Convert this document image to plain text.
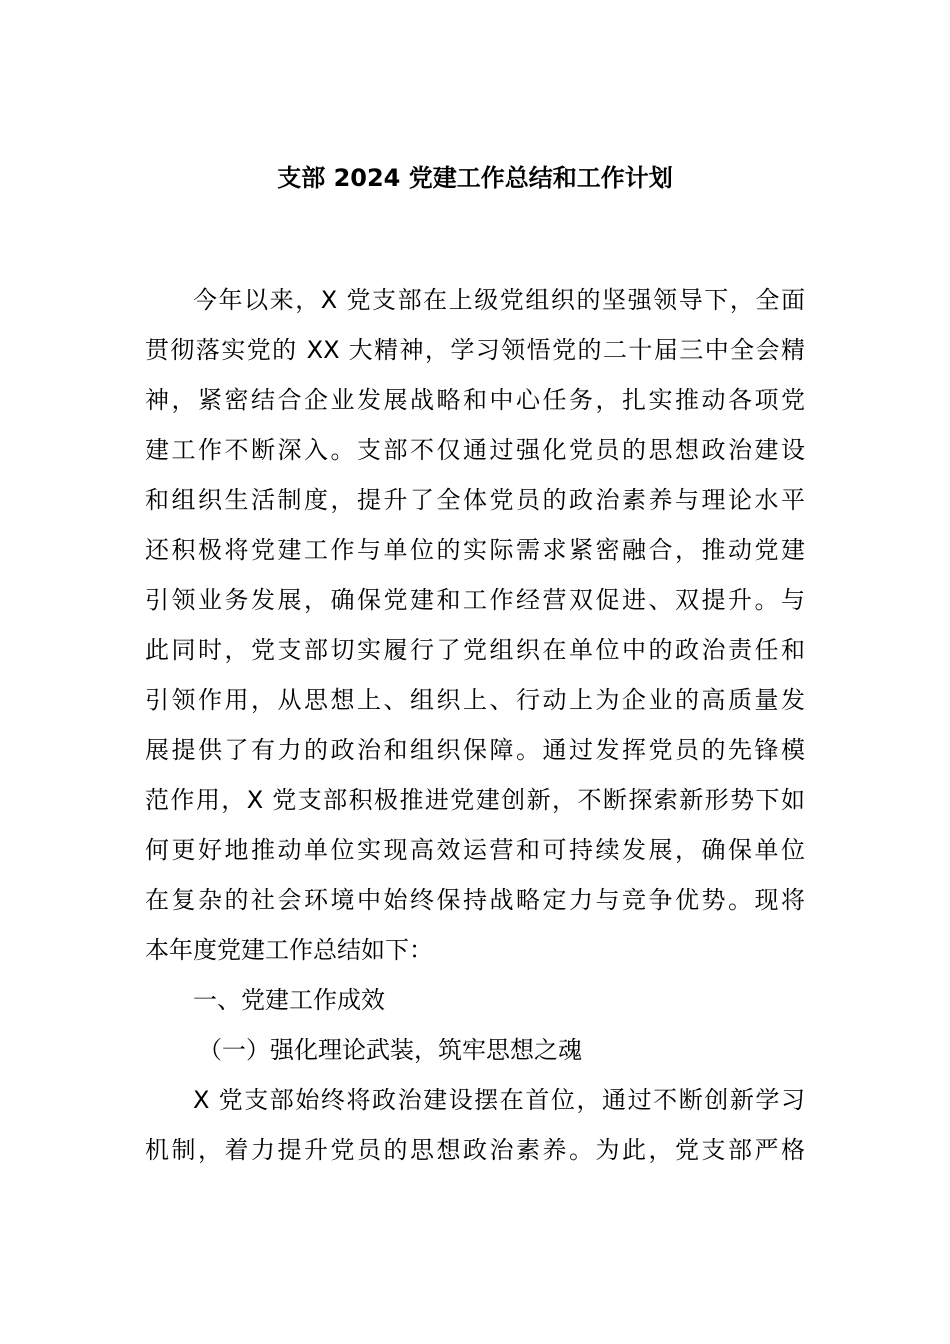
支部 2024 党建工作总结和工作计划
今年以来，X 党支部在上级党组织的坚强领导下，全面
贯彻落实党的 XX 大精神，学习领悟党的二十届三中全会精
神，紧密结合企业发展战略和中心任务，扎实推动各项党
建工作不断深入。支部不仅通过强化党员的思想政治建设
和组织生活制度，提升了全体党员的政治素养与理论水平
还积极将党建工作与单位的实际需求紧密融合，推动党建
引领业务发展，确保党建和工作经营双促进、双提升。与
此同时，党支部切实履行了党组织在单位中的政治责任和
引领作用，从思想上、组织上、行动上为企业的高质量发
展提供了有力的政治和组织保障。通过发挥党员的先锋模
范作用，X 党支部积极推进党建创新，不断探索新形势下如
何更好地推动单位实现高效运营和可持续发展，确保单位
在复杂的社会环境中始终保持战略定力与竞争优势。现将
本年度党建工作总结如下：
一、党建工作成效
（一）强化理论武装，筑牢思想之魂
X 党支部始终将政治建设摆在首位，通过不断创新学习
机制，着力提升党员的思想政治素养。为此，党支部严格
